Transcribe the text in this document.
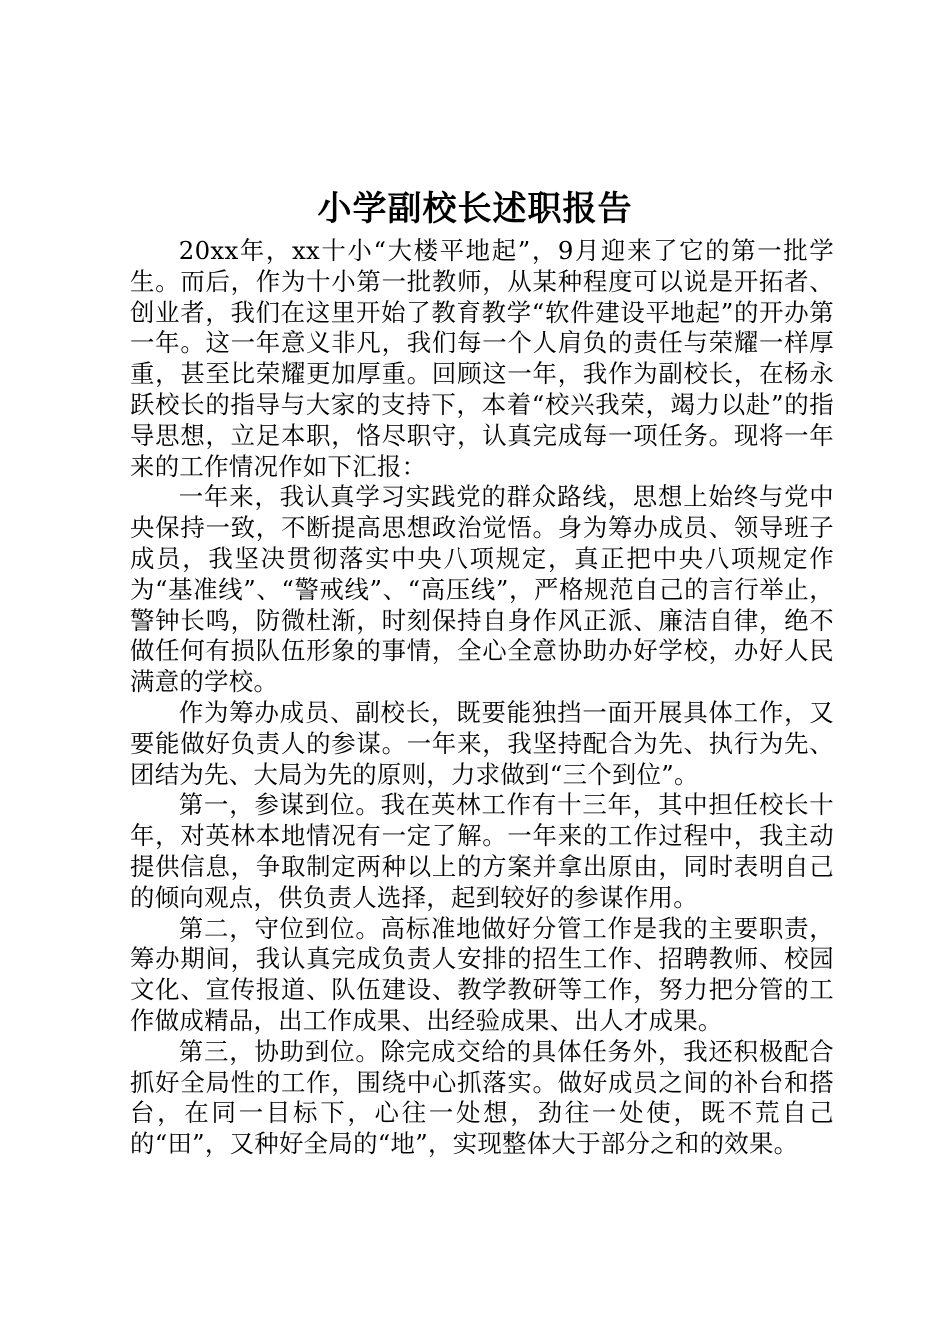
小学副校长述职报告

20xx年，xx十小“大楼平地起”，9月迎来了它的第一批学生。而后，作为十小第一批教师，从某种程度可以说是开拓者、创业者，我们在这里开始了教育教学“软件建设平地起”的开办第一年。这一年意义非凡，我们每一个人肩负的责任与荣耀一样厚重，甚至比荣耀更加厚重。回顾这一年，我作为副校长，在杨永跃校长的指导与大家的支持下，本着“校兴我荣，竭力以赴”的指导思想，立足本职，恪尽职守，认真完成每一项任务。现将一年来的工作情况作如下汇报：

一年来，我认真学习实践党的群众路线，思想上始终与党中央保持一致，不断提高思想政治觉悟。身为筹办成员、领导班子成员，我坚决贯彻落实中央八项规定，真正把中央八项规定作为“基准线”、“警戒线”、“高压线”，严格规范自己的言行举止，警钟长鸣，防微杜渐，时刻保持自身作风正派、廉洁自律，绝不做任何有损队伍形象的事情，全心全意协助办好学校，办好人民满意的学校。

作为筹办成员、副校长，既要能独挡一面开展具体工作，又要能做好负责人的参谋。一年来，我坚持配合为先、执行为先、团结为先、大局为先的原则，力求做到“三个到位”。

第一，参谋到位。我在英林工作有十三年，其中担任校长十年，对英林本地情况有一定了解。一年来的工作过程中，我主动提供信息，争取制定两种以上的方案并拿出原由，同时表明自己的倾向观点，供负责人选择，起到较好的参谋作用。

第二，守位到位。高标准地做好分管工作是我的主要职责，筹办期间，我认真完成负责人安排的招生工作、招聘教师、校园文化、宣传报道、队伍建设、教学教研等工作，努力把分管的工作做成精品，出工作成果、出经验成果、出人才成果。

第三，协助到位。除完成交给的具体任务外，我还积极配合抓好全局性的工作，围绕中心抓落实。做好成员之间的补台和搭台，在同一目标下，心往一处想，劲往一处使，既不荒自己的“田”，又种好全局的“地”，实现整体大于部分之和的效果。
